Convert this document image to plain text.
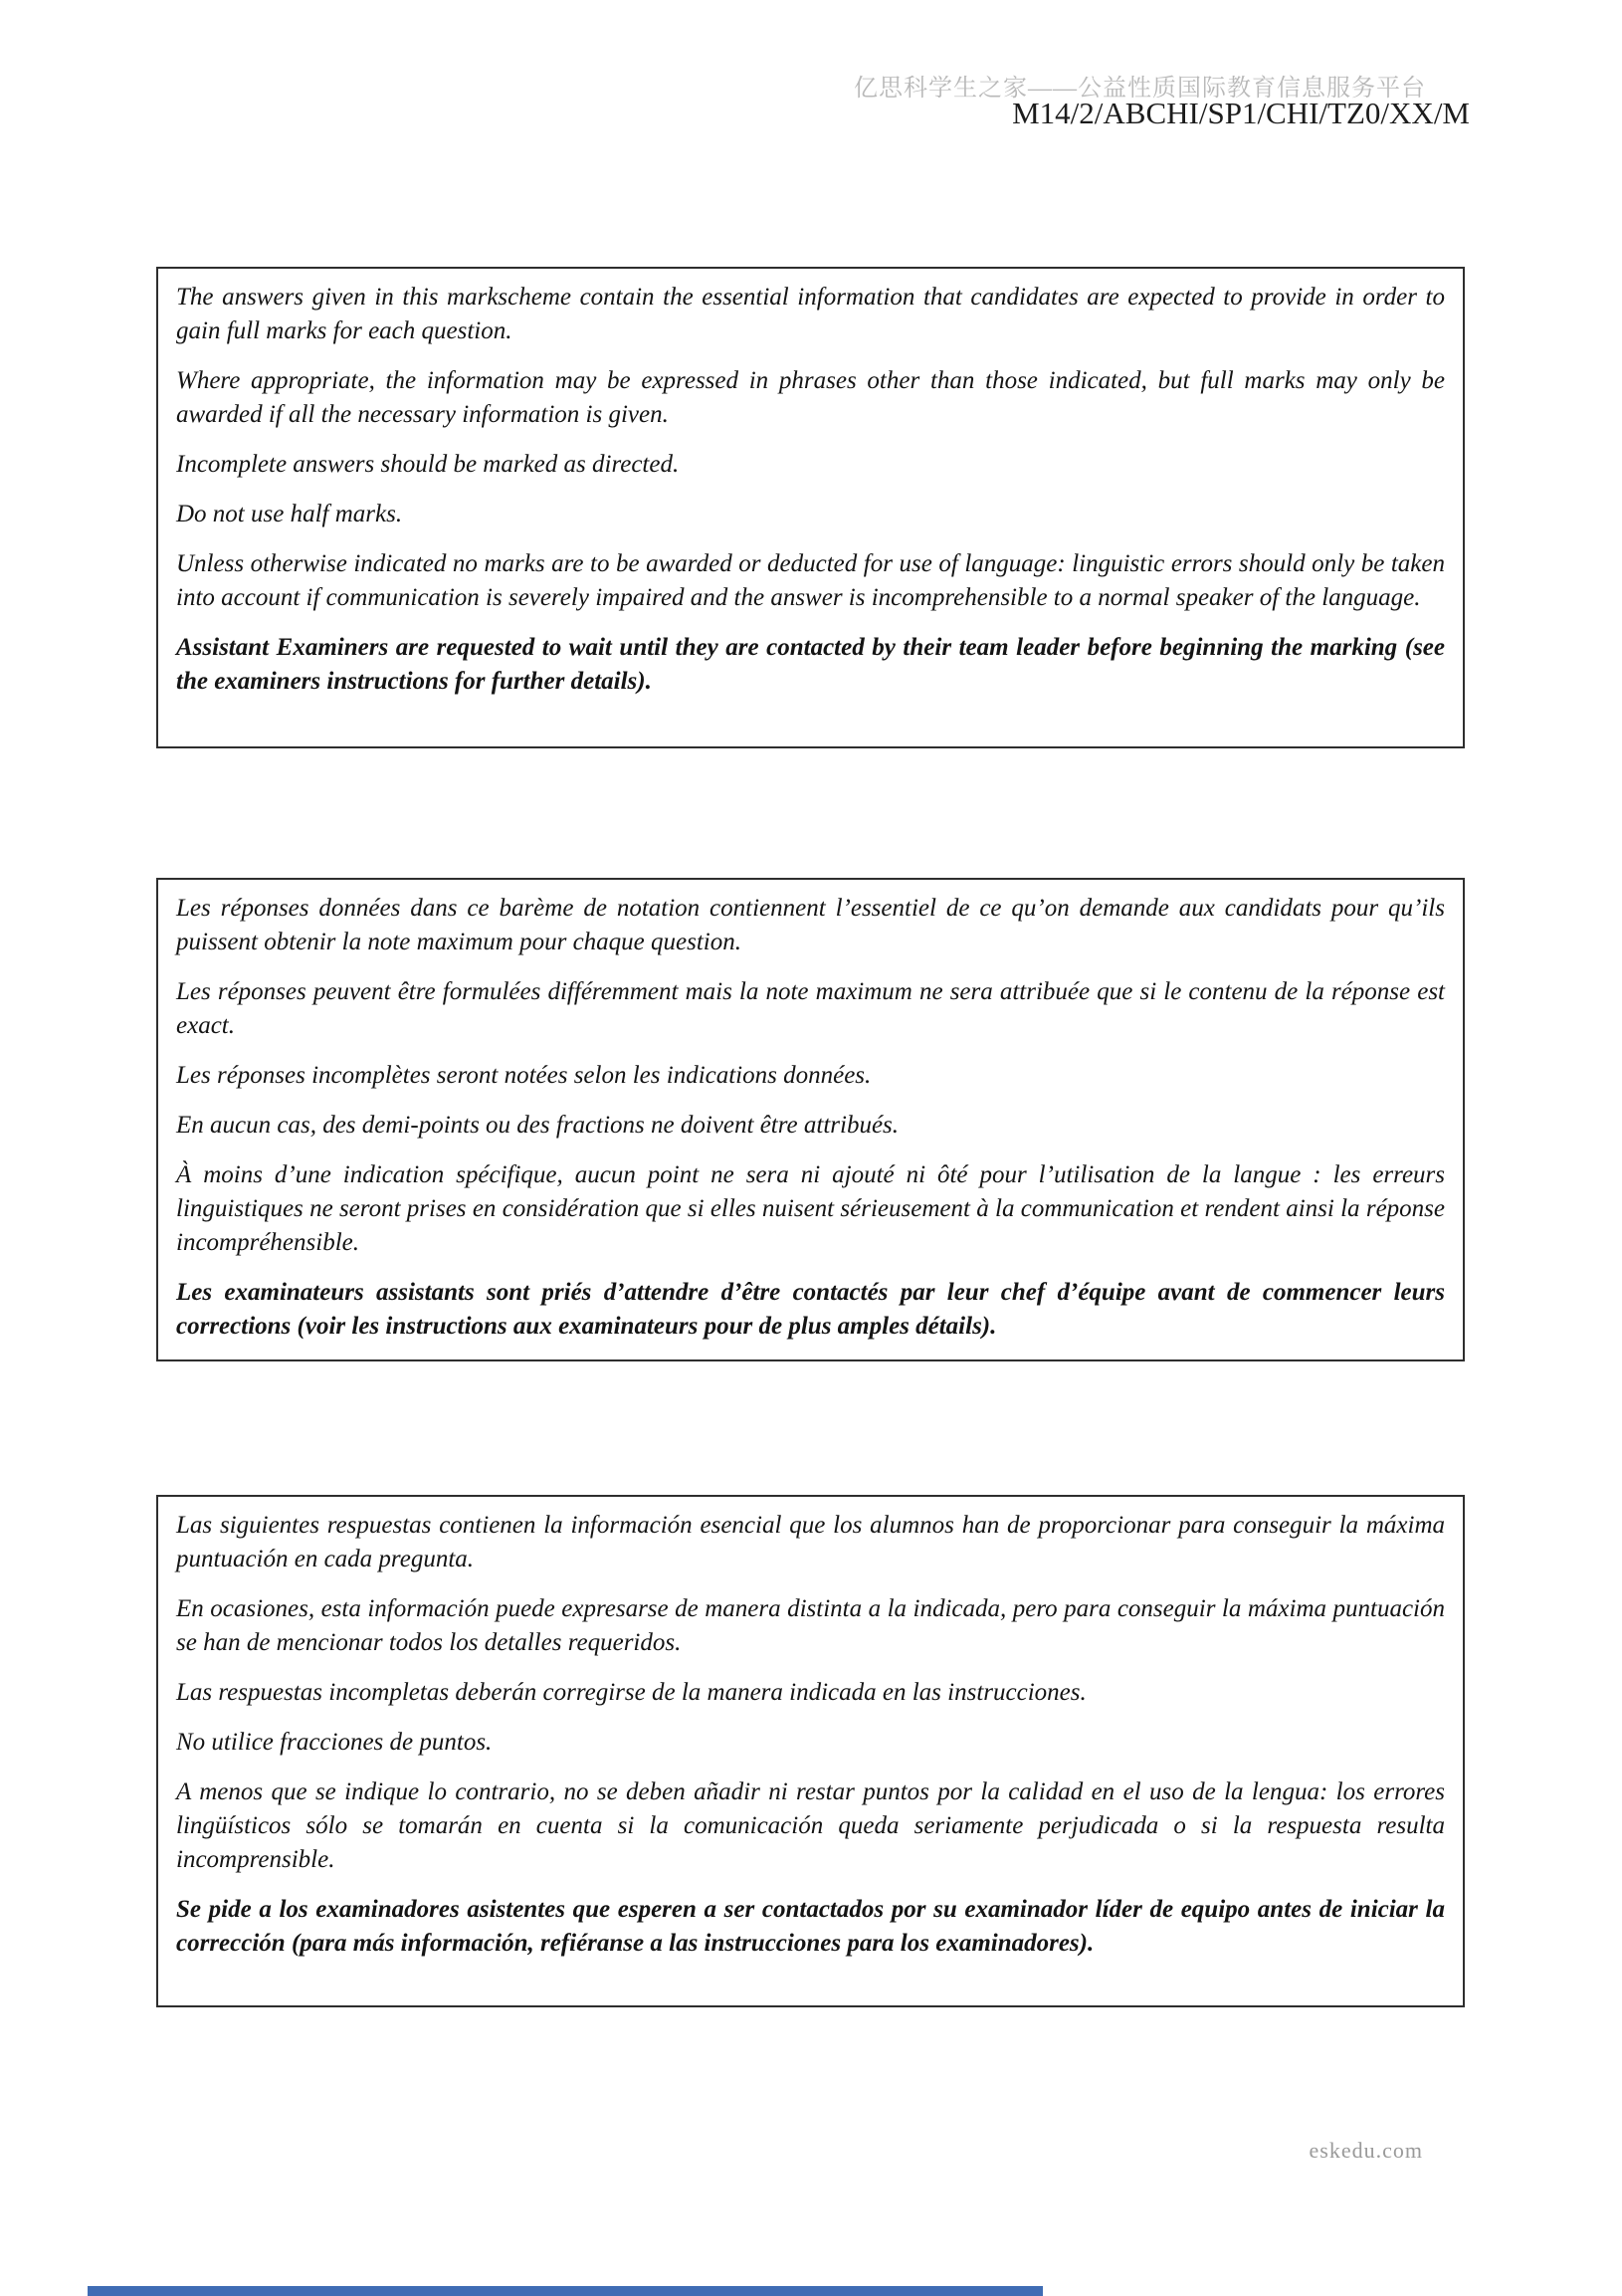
亿思科学生之家——公益性质国际教育信息服务平台
M14/2/ABCHI/SP1/CHI/TZ0/XX/M

The answers given in this markscheme contain the essential information that candidates are expected to provide in order to gain full marks for each question.

Where appropriate, the information may be expressed in phrases other than those indicated, but full marks may only be awarded if all the necessary information is given.

Incomplete answers should be marked as directed.

Do not use half marks.

Unless otherwise indicated no marks are to be awarded or deducted for use of language: linguistic errors should only be taken into account if communication is severely impaired and the answer is incomprehensible to a normal speaker of the language.

Assistant Examiners are requested to wait until they are contacted by their team leader before beginning the marking (see the examiners instructions for further details).

Les réponses données dans ce barème de notation contiennent l’essentiel de ce qu’on demande aux candidats pour qu’ils puissent obtenir la note maximum pour chaque question.

Les réponses peuvent être formulées différemment mais la note maximum ne sera attribuée que si le contenu de la réponse est exact.

Les réponses incomplètes seront notées selon les indications données.

En aucun cas, des demi-points ou des fractions ne doivent être attribués.

À moins d’une indication spécifique, aucun point ne sera ni ajouté ni ôté pour l’utilisation de la langue : les erreurs linguistiques ne seront prises en considération que si elles nuisent sérieusement à la communication et rendent ainsi la réponse incompréhensible.

Les examinateurs assistants sont priés d’attendre d’être contactés par leur chef d’équipe avant de commencer leurs corrections (voir les instructions aux examinateurs pour de plus amples détails).

Las siguientes respuestas contienen la información esencial que los alumnos han de proporcionar para conseguir la máxima puntuación en cada pregunta.

En ocasiones, esta información puede expresarse de manera distinta a la indicada, pero para conseguir la máxima puntuación se han de mencionar todos los detalles requeridos.

Las respuestas incompletas deberán corregirse de la manera indicada en las instrucciones.

No utilice fracciones de puntos.

A menos que se indique lo contrario, no se deben añadir ni restar puntos por la calidad en el uso de la lengua: los errores lingüísticos sólo se tomarán en cuenta si la comunicación queda seriamente perjudicada o si la respuesta resulta incomprensible.

Se pide a los examinadores asistentes que esperen a ser contactados por su examinador líder de equipo antes de iniciar la corrección (para más información, refiéranse a las instrucciones para los examinadores).

eskedu.com
